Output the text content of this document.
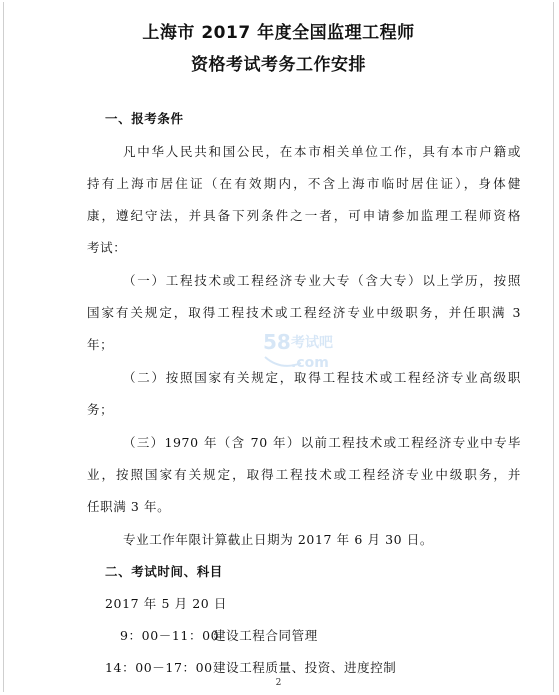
上海市 2017 年度全国监理工程师
资格考试考务工作安排
一、报考条件
凡中华人民共和国公民，在本市相关单位工作，具有本市户籍或
持有上海市居住证（在有效期内，不含上海市临时居住证），身体健
康，遵纪守法，并具备下列条件之一者，可申请参加监理工程师资格
考试：
（一）工程技术或工程经济专业大专（含大专）以上学历，按照
国家有关规定，取得工程技术或工程经济专业中级职务，并任职满 3
年；
（二）按照国家有关规定，取得工程技术或工程经济专业高级职
务；
（三）1970 年（含 70 年）以前工程技术或工程经济专业中专毕
业，按照国家有关规定，取得工程技术或工程经济专业中级职务，并
任职满 3 年。
专业工作年限计算截止日期为 2017 年 6 月 30 日。
二、考试时间、科目
2017 年 5 月 20 日
9：00－11：00
建设工程合同管理
14：00－17：00 建设工程质量、投资、进度控制
2
58 考试吧
.com
